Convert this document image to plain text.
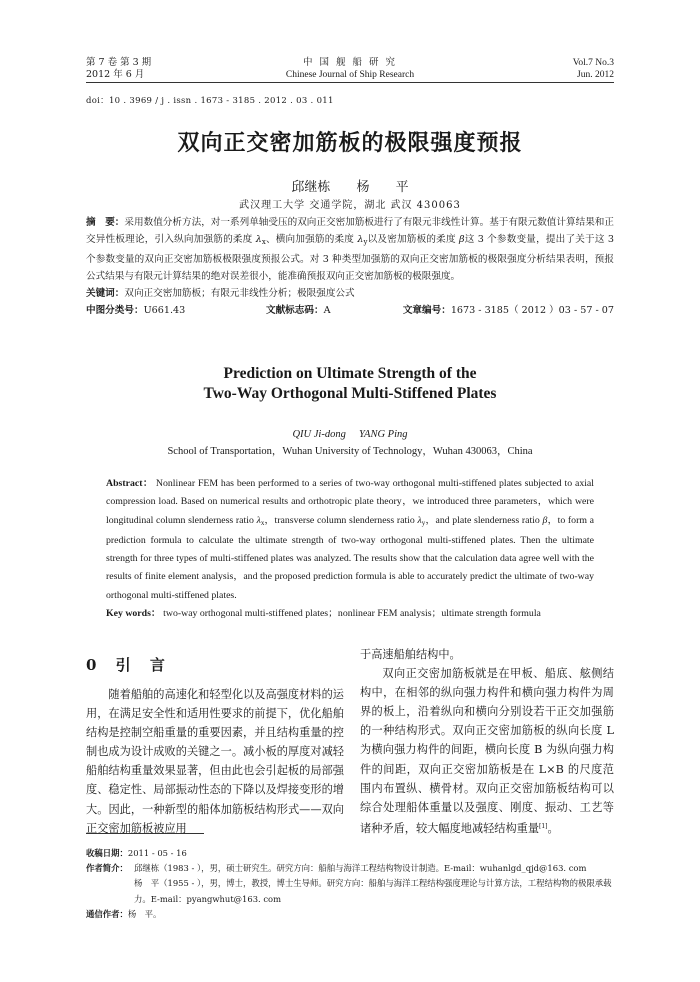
第 7 卷 第 3 期
2012 年 6 月
中 国 舰 船 研 究
Chinese Journal of Ship Research
Vol.7 No.3
Jun. 2012
doi：10 . 3969 / j . issn . 1673 - 3185 . 2012 . 03 . 011
双向正交密加筋板的极限强度预报
邱继栋 杨 平
武汉理工大学 交通学院，湖北 武汉 430063
摘　要：采用数值分析方法，对一系列单轴受压的双向正交密加筋板进行了有限元非线性计算。基于有限元数值计算结果和正交异性板理论，引入纵向加强筋的柔度 $\lambda_x$、横向加强筋的柔度 $\lambda_y$以及密加筋板的柔度 β这 3 个参数变量，提出了关于这 3 个参数变量的双向正交密加筋板极限强度预报公式。对 3 种类型加强筋的双向正交密加筋板的极限强度分析结果表明，预报公式结果与有限元计算结果的绝对误差很小，能准确预报双向正交密加筋板的极限强度。
关键词：双向正交密加筋板；有限元非线性分析；极限强度公式
中图分类号：U661.43	文献标志码：A	文章编号：1673 - 3185（ 2012 ）03 - 57 - 07
Prediction on Ultimate Strength of the
Two-Way Orthogonal Multi-Stiffened Plates
QIU Ji-dong　 YANG Ping
School of Transportation，Wuhan University of Technology，Wuhan 430063，China
Abstract： Nonlinear FEM has been performed to a series of two-way orthogonal multi-stiffened plates subjected to axial compression load. Based on numerical results and orthotropic plate theory，we introduced three parameters，which were longitudinal column slenderness ratio $\lambda_x$，transverse column slenderness ratio $\lambda_y$，and plate slenderness ratio β，to form a prediction formula to calculate the ultimate strength of two-way orthogonal multi-stiffened plates. Then the ultimate strength for three types of multi-stiffened plates was analyzed. The results show that the calculation data agree well with the results of finite element analysis，and the proposed prediction formula is able to accurately predict the ultimate of two-way orthogonal multi-stiffened plates.
Key words： two-way orthogonal multi-stiffened plates；nonlinear FEM analysis；ultimate strength formula
0 引 言

随着船舶的高速化和轻型化以及高强度材料的运用，在满足安全性和适用性要求的前提下，优化船舶结构是控制空船重量的重要因素，并且结构重量的控制也成为设计成败的关键之一。减小板的厚度对减轻船舶结构重量效果显著，但由此也会引起板的局部强度、稳定性、局部振动性态的下降以及焊接变形的增大。因此，一种新型的船体加筋板结构形式——双向正交密加筋板被应用

于高速船舶结构中。

双向正交密加筋板就是在甲板、船底、舷侧结构中，在相邻的纵向强力构件和横向强力构件为周界的板上，沿着纵向和横向分别设若干正交加强筋的一种结构形式。双向正交密加筋板的纵向长度 L 为横向强力构件的间距，横向长度 B 为纵向强力构件的间距，双向正交密加筋板是在 L×B 的尺度范围内布置纵、横骨材。双向正交密加筋板结构可以综合处理船体重量以及强度、刚度、振动、工艺等诸种矛盾，较大幅度地减轻结构重量[1]。

收稿日期：2011 - 05 - 16
作者简介： 邱继栋（1983 - ），男，硕士研究生。研究方向：船舶与海洋工程结构物设计制造。E-mail：wuhanlgd_qjd@163. com
杨　平（1955 - ），男，博士，教授，博士生导师。研究方向：船舶与海洋工程结构强度理论与计算方法，工程结构物的极限承载力。E-mail：pyangwhut@163. com
通信作者：杨　平。
